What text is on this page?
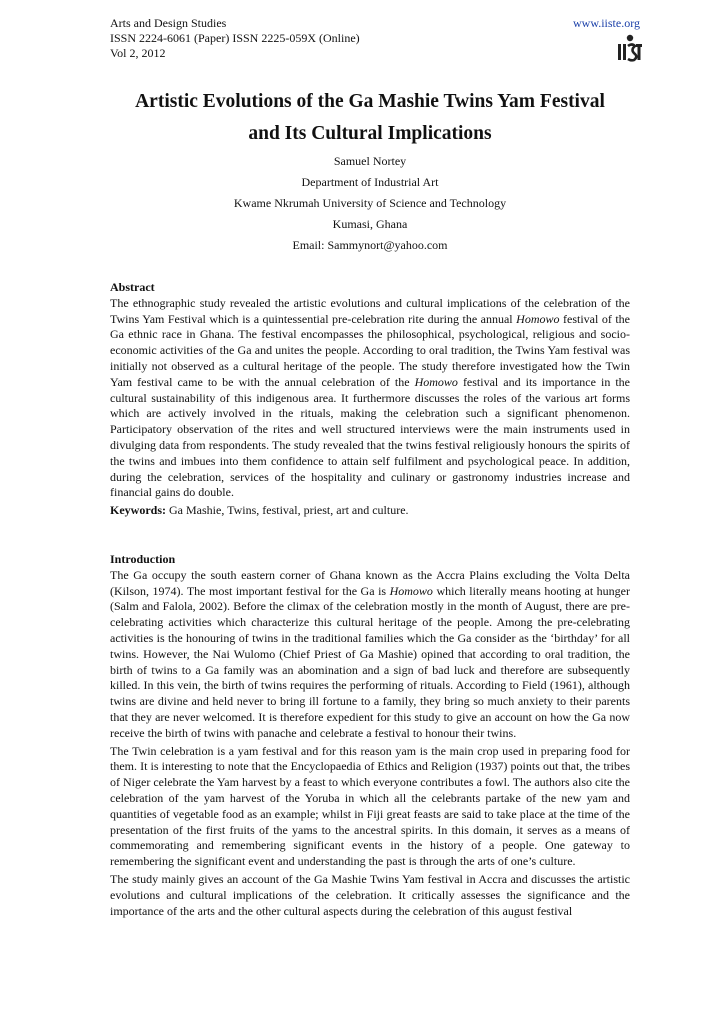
Arts and Design Studies
ISSN 2224-6061 (Paper) ISSN 2225-059X (Online)
Vol 2, 2012
www.iiste.org
Artistic Evolutions of the Ga Mashie Twins Yam Festival
and Its Cultural Implications
Samuel Nortey
Department of Industrial Art
Kwame Nkrumah University of Science and Technology
Kumasi, Ghana
Email: Sammynort@yahoo.com
Abstract

The ethnographic study revealed the artistic evolutions and cultural implications of the celebration of the Twins Yam Festival which is a quintessential pre-celebration rite during the annual Homowo festival of the Ga ethnic race in Ghana. The festival encompasses the philosophical, psychological, religious and socio-economic activities of the Ga and unites the people. According to oral tradition, the Twins Yam festival was initially not observed as a cultural heritage of the people. The study therefore investigated how the Twin Yam festival came to be with the annual celebration of the Homowo festival and its importance in the cultural sustainability of this indigenous area. It furthermore discusses the roles of the various art forms which are actively involved in the rituals, making the celebration such a significant phenomenon. Participatory observation of the rites and well structured interviews were the main instruments used in divulging data from respondents. The study revealed that the twins festival religiously honours the spirits of the twins and imbues into them confidence to attain self fulfilment and psychological peace. In addition, during the celebration, services of the hospitality and culinary or gastronomy industries increase and financial gains do double.

Keywords: Ga Mashie, Twins, festival, priest, art and culture.

Introduction

The Ga occupy the south eastern corner of Ghana known as the Accra Plains excluding the Volta Delta (Kilson, 1974). The most important festival for the Ga is Homowo which literally means hooting at hunger (Salm and Falola, 2002). Before the climax of the celebration mostly in the month of August, there are pre-celebrating activities which characterize this cultural heritage of the people. Among the pre-celebrating activities is the honouring of twins in the traditional families which the Ga consider as the ‘birthday’ for all twins. However, the Nai Wulomo (Chief Priest of Ga Mashie) opined that according to oral tradition, the birth of twins to a Ga family was an abomination and a sign of bad luck and therefore are subsequently killed. In this vein, the birth of twins requires the performing of rituals. According to Field (1961), although twins are divine and held never to bring ill fortune to a family, they bring so much anxiety to their parents that they are never welcomed. It is therefore expedient for this study to give an account on how the Ga now receive the birth of twins with panache and celebrate a festival to honour their twins.

The Twin celebration is a yam festival and for this reason yam is the main crop used in preparing food for them. It is interesting to note that the Encyclopaedia of Ethics and Religion (1937) points out that, the tribes of Niger celebrate the Yam harvest by a feast to which everyone contributes a fowl. The authors also cite the celebration of the yam harvest of the Yoruba in which all the celebrants partake of the new yam and quantities of vegetable food as an example; whilst in Fiji great feasts are said to take place at the time of the presentation of the first fruits of the yams to the ancestral spirits. In this domain, it serves as a means of commemorating and remembering significant events in the history of a people. One gateway to remembering the significant event and understanding the past is through the arts of one’s culture.

The study mainly gives an account of the Ga Mashie Twins Yam festival in Accra and discusses the artistic evolutions and cultural implications of the celebration. It critically assesses the significance and the importance of the arts and the other cultural aspects during the celebration of this august festival
